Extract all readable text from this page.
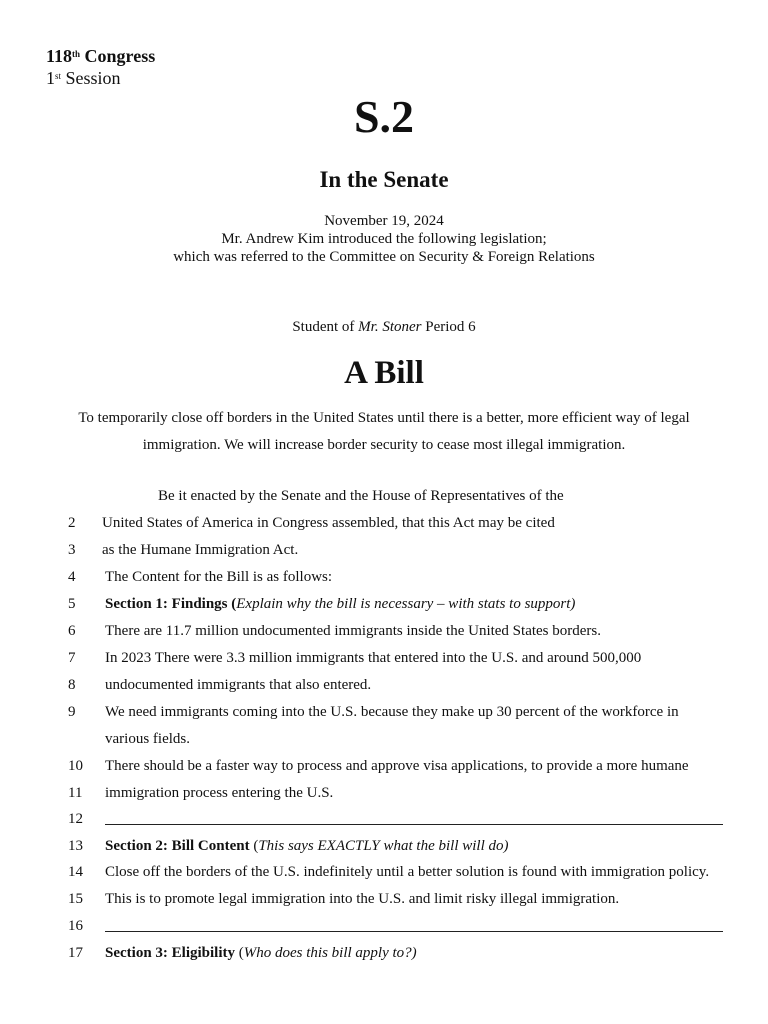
118th Congress
1st Session
S.2
In the Senate
November 19, 2024
Mr. Andrew Kim introduced the following legislation;
which was referred to the Committee on Security & Foreign Relations
Student of Mr. Stoner Period 6
A Bill
To temporarily close off borders in the United States until there is a better, more efficient way of legal immigration. We will increase border security to cease most illegal immigration.
Be it enacted by the Senate and the House of Representatives of the
2	United States of America in Congress assembled, that this Act may be cited
3	as the Humane Immigration Act.
4	The Content for the Bill is as follows:
5	Section 1: Findings (Explain why the bill is necessary – with stats to support)
6	There are 11.7 million undocumented immigrants inside the United States borders.
7	In 2023 There were 3.3 million immigrants that entered into the U.S. and around 500,000
8	undocumented immigrants that also entered.
9	We need immigrants coming into the U.S. because they make up 30 percent of the workforce in
various fields.
10	There should be a faster way to process and approve visa applications, to provide a more humane
11	immigration process entering the U.S.
12
13	Section 2: Bill Content (This says EXACTLY what the bill will do)
14	Close off the borders of the U.S. indefinitely until a better solution is found with immigration policy.
15	This is to promote legal immigration into the U.S. and limit risky illegal immigration.
16
17	Section 3: Eligibility (Who does this bill apply to?)
